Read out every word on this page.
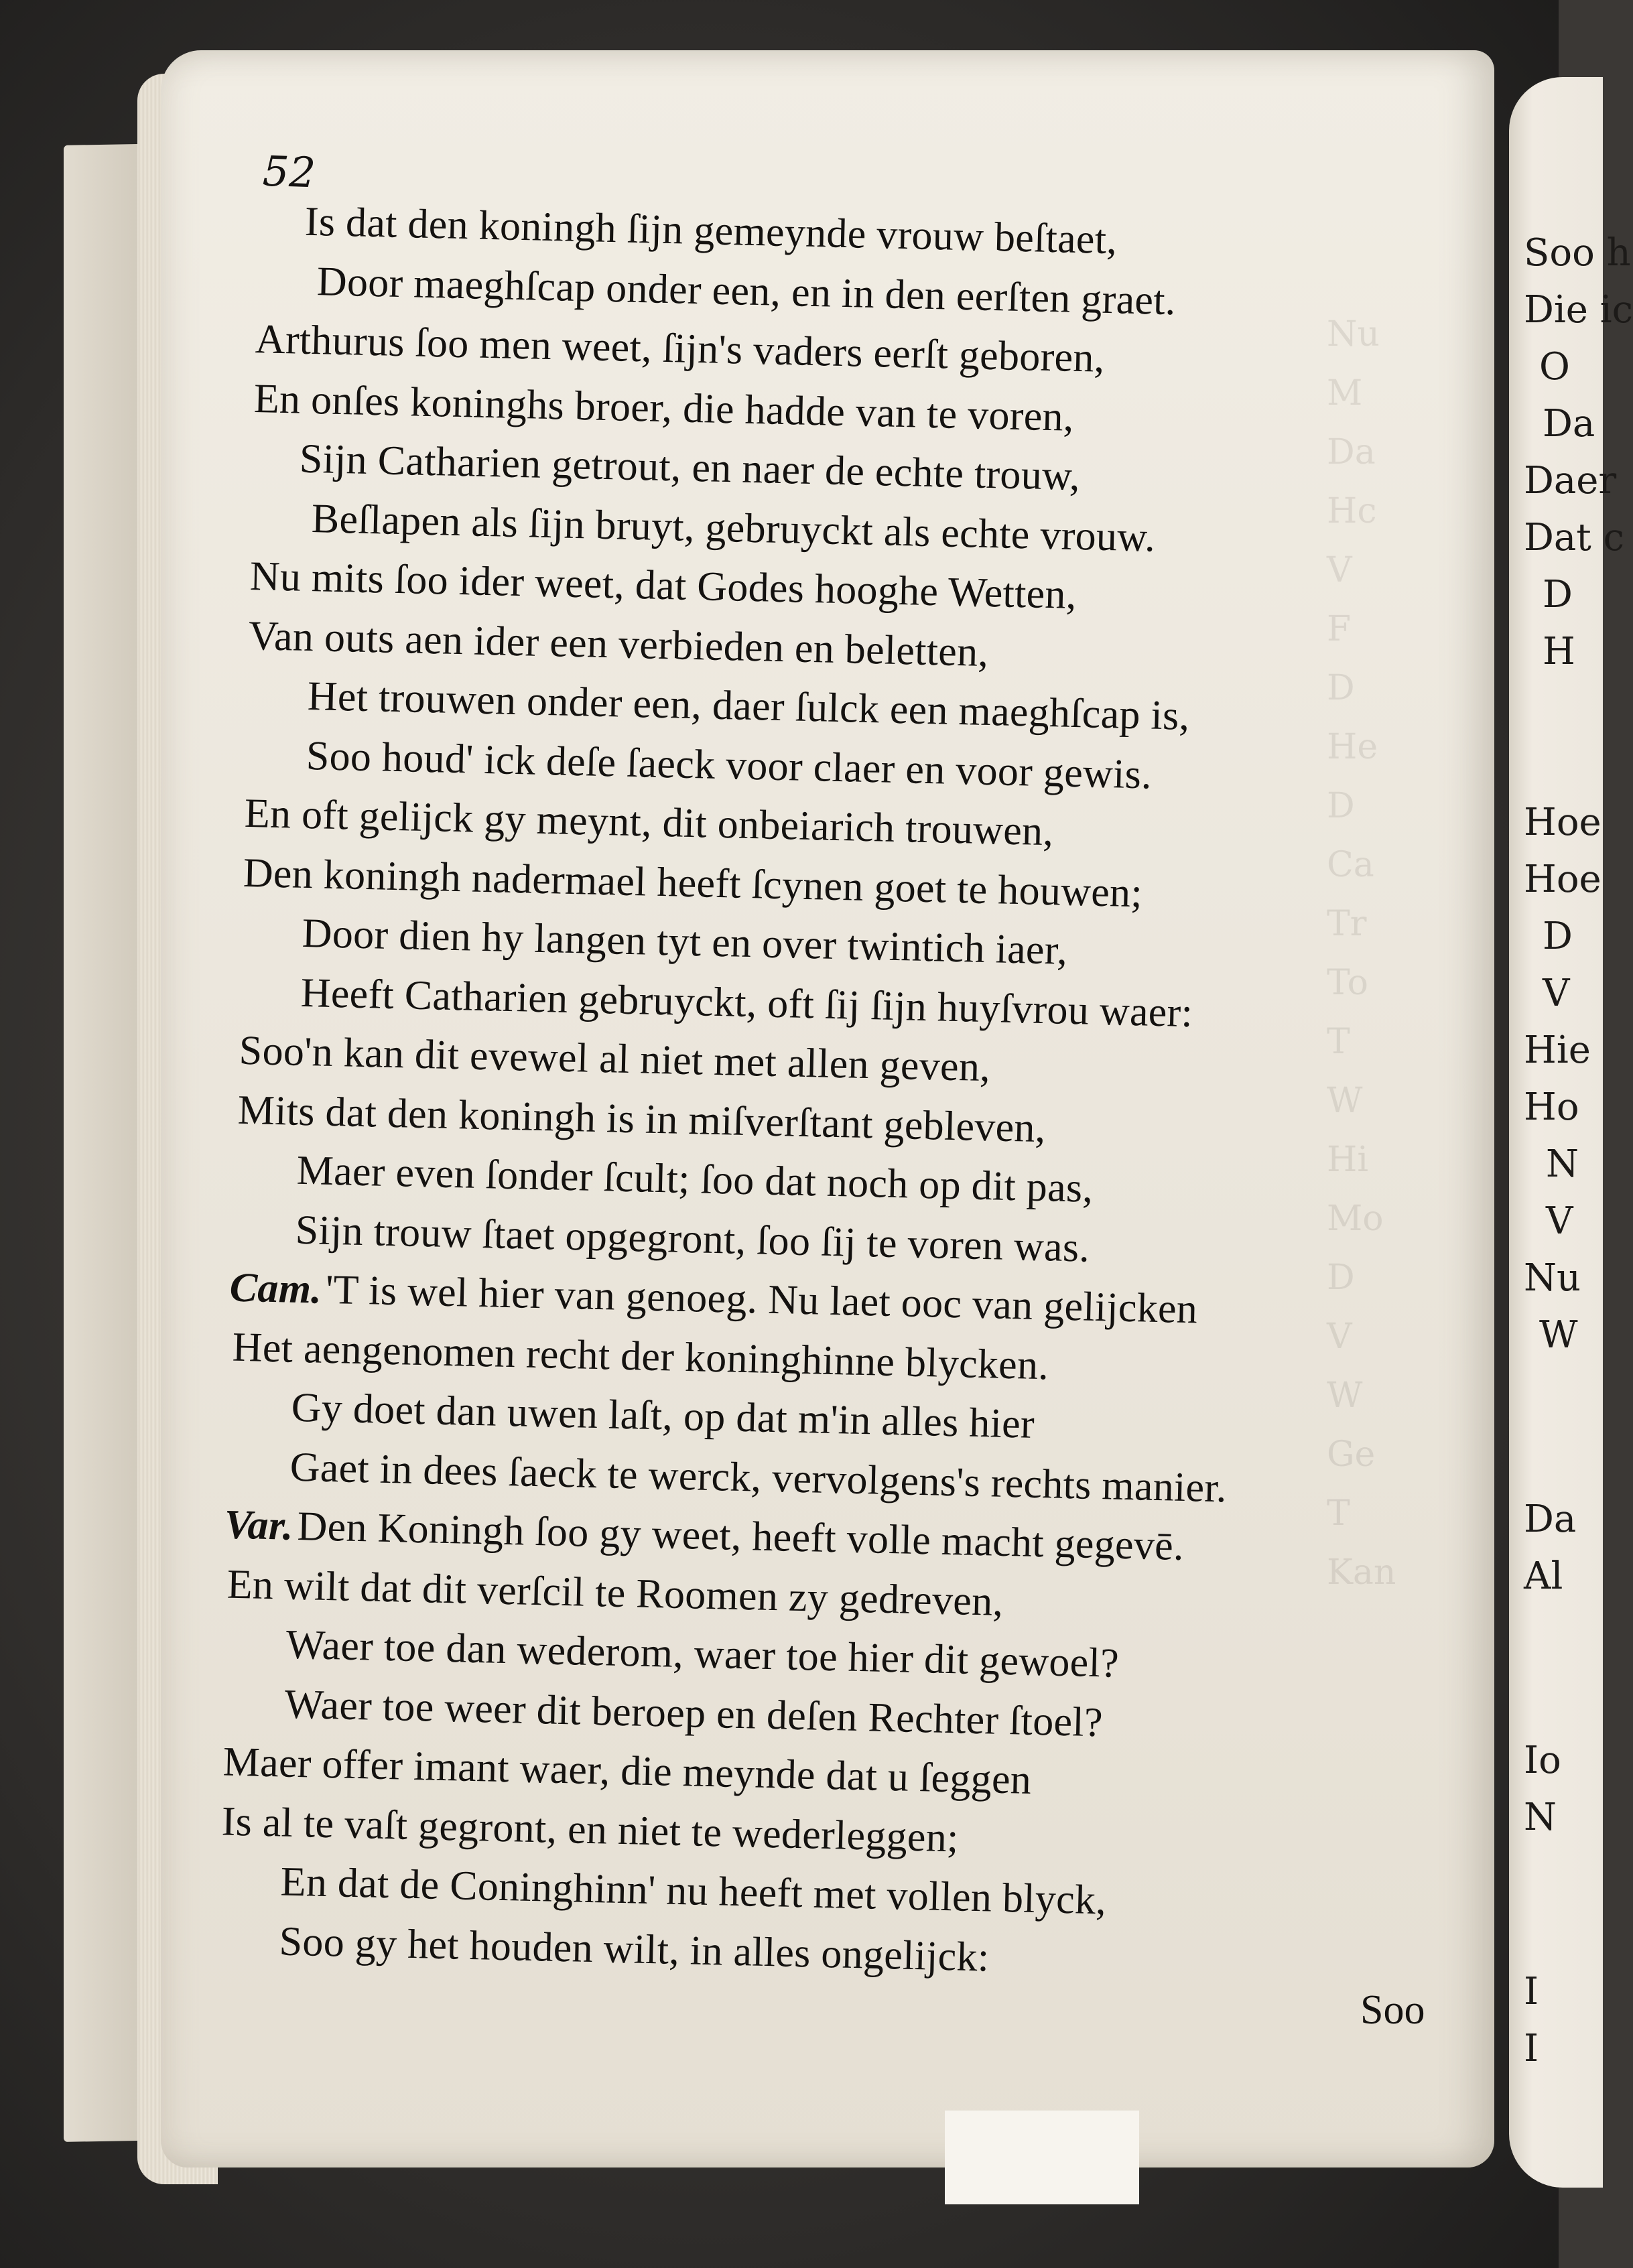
Nu
M
Da
Hc
V
F
D
He
D
Ca
Tr
To
T
W
Hi
Mo
D
V
W
Ge
T
Kan
Soo h
Die ic
O
Da
Daer
Dat c
D
H
Hoe
Hoe
D
V
Hie
Ho
N
V
Nu
W
Da
Al
Io
N
I
I
52
Is dat den koningh ſijn gemeynde vrouw beſtaet,
Door maeghſcap onder een, en in den eerſten graet.
Arthurus ſoo men weet, ſijn's vaders eerſt geboren,
En onſes koninghs broer, die hadde van te voren,
Sijn Catharien getrout, en naer de echte trouw,
Beſlapen als ſijn bruyt, gebruyckt als echte vrouw.
Nu mits ſoo ider weet, dat Godes hooghe Wetten,
Van outs aen ider een verbieden en beletten,
Het trouwen onder een, daer ſulck een maeghſcap is,
Soo houd' ick deſe ſaeck voor claer en voor gewis.
En oft gelijck gy meynt, dit onbeiarich trouwen,
Den koningh nadermael heeft ſcynen goet te houwen;
Door dien hy langen tyt en over twintich iaer,
Heeft Catharien gebruyckt, oft ſij ſijn huyſvrou waer:
Soo'n kan dit evewel al niet met allen geven,
Mits dat den koningh is in miſverſtant gebleven,
Maer even ſonder ſcult; ſoo dat noch op dit pas,
Sijn trouw ſtaet opgegront, ſoo ſij te voren was.
Cam.'T is wel hier van genoeg. Nu laet ooc van gelijcken
Het aengenomen recht der koninghinne blycken.
Gy doet dan uwen laſt, op dat m'in alles hier
Gaet in dees ſaeck te werck, vervolgens's rechts manier.
Var.Den Koningh ſoo gy weet, heeft volle macht gegevē.
En wilt dat dit verſcil te Roomen zy gedreven,
Waer toe dan wederom, waer toe hier dit gewoel?
Waer toe weer dit beroep en deſen Rechter ſtoel?
Maer offer imant waer, die meynde dat u ſeggen
Is al te vaſt gegront, en niet te wederleggen;
En dat de Coninghinn' nu heeft met vollen blyck,
Soo gy het houden wilt, in alles ongelijck:
Soo
